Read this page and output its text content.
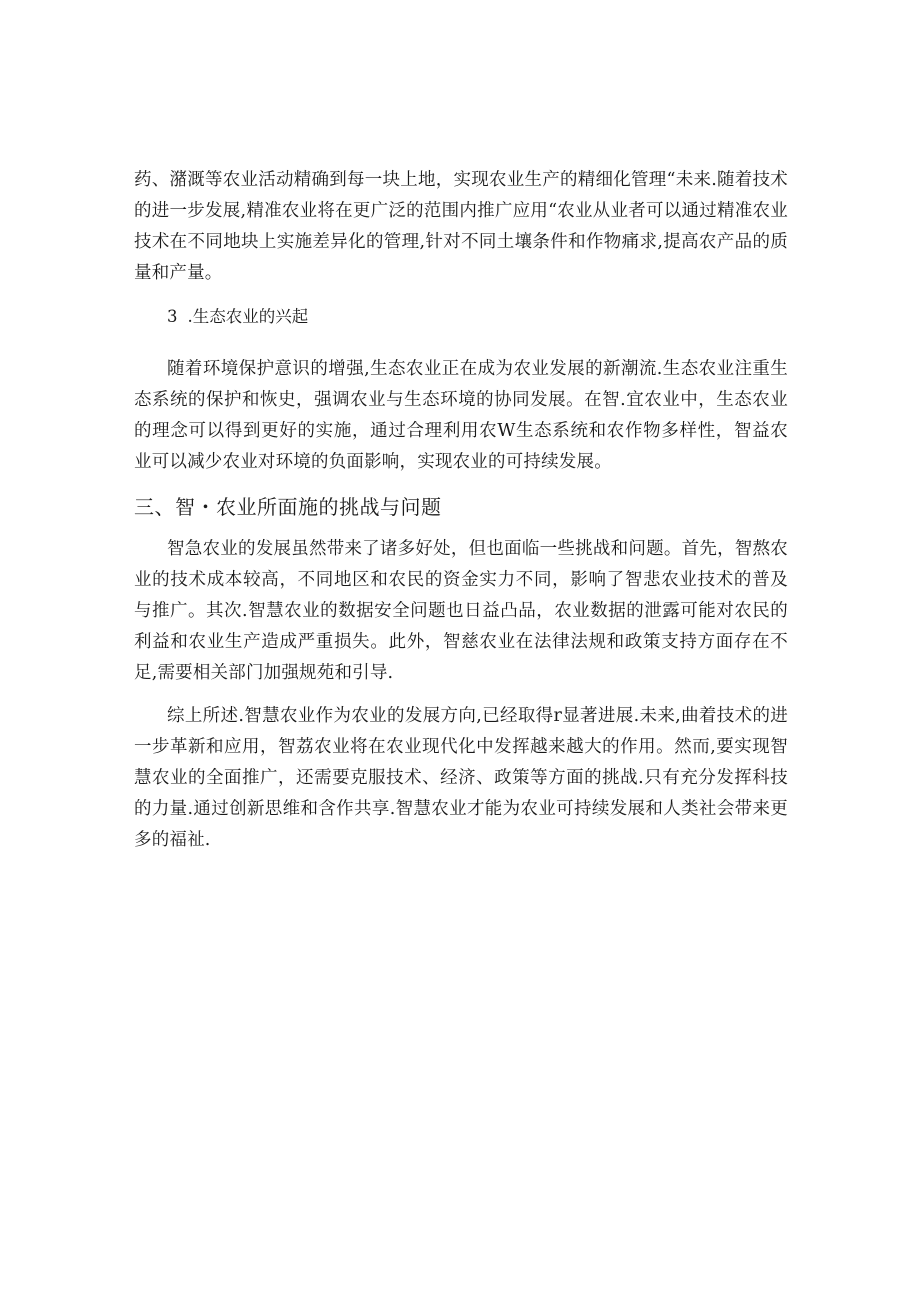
药、潴溉等农业活动精确到每一块上地，实现农业生产的精细化管理“未来.随着技术的进一步发展,精准农业将在更广泛的范围内推广应用“农业从业者可以通过精准农业技术在不同地块上实施差异化的管理,针对不同土壤条件和作物痛求,提高农产品的质量和产量。

3 .生态农业的兴起

随着环境保护意识的增强,生态农业正在成为农业发展的新潮流.生态农业注重生态系统的保护和恢史，强调农业与生态环境的协同发展。在智.宜农业中，生态农业的理念可以得到更好的实施，通过合理利用农W生态系统和农作物多样性，智益农业可以减少农业对环境的负面影响，实现农业的可持续发展。

三、智・农业所面施的挑战与问题

智急农业的发展虽然带来了诸多好处，但也面临一些挑战和问题。首先，智熬农业的技术成本较高，不同地区和农民的资金实力不同，影响了智悲农业技术的普及与推广。其次.智慧农业的数据安全问题也日益凸品，农业数据的泄露可能对农民的利益和农业生产造成严重损失。此外，智慈农业在法律法规和政策支持方面存在不足,需要相关部门加强规苑和引导.

综上所述.智慧农业作为农业的发展方向,已经取得r显著进展.未来,曲着技术的进一步革新和应用，智荔农业将在农业现代化中发挥越来越大的作用。然而,要实现智慧农业的全面推广，还需要克服技术、经济、政策等方面的挑战.只有充分发挥科技的力量.通过创新思维和含作共享.智慧农业才能为农业可持续发展和人类社会带来更多的福祉.
